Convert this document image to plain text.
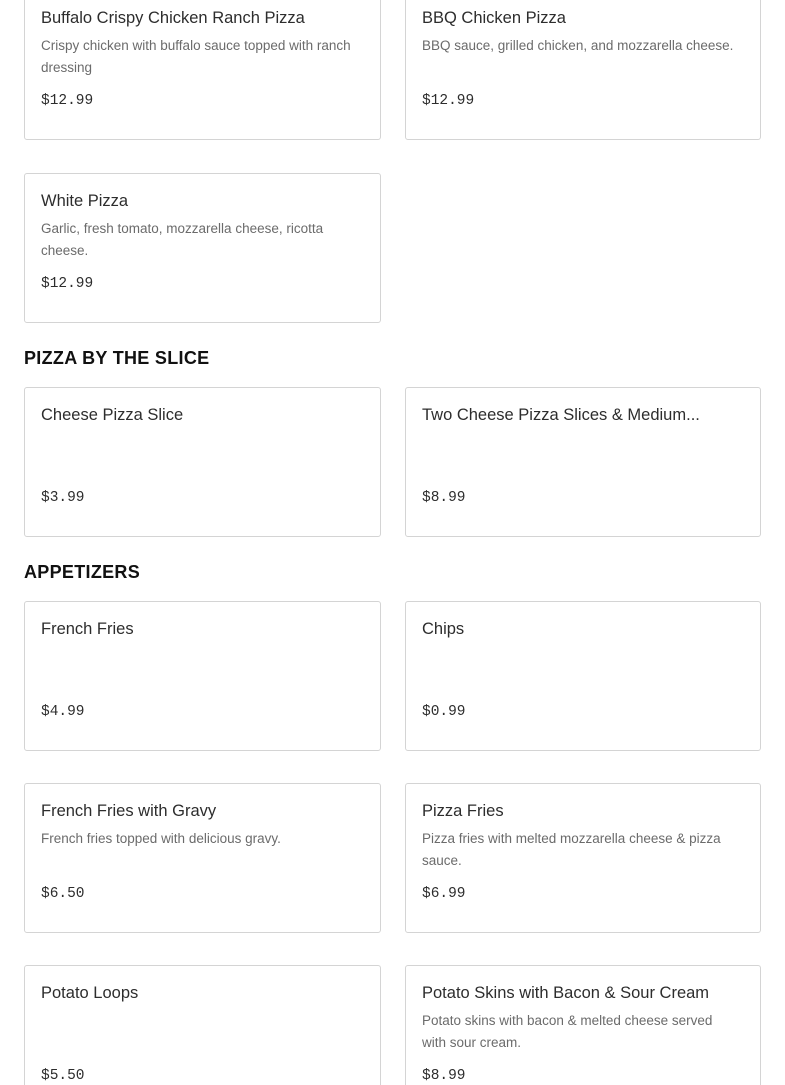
Buffalo Crispy Chicken Ranch Pizza
Crispy chicken with buffalo sauce topped with ranch dressing
$12.99
BBQ Chicken Pizza
BBQ sauce, grilled chicken, and mozzarella cheese.
$12.99
White Pizza
Garlic, fresh tomato, mozzarella cheese, ricotta cheese.
$12.99
PIZZA BY THE SLICE
Cheese Pizza Slice
$3.99
Two Cheese Pizza Slices & Medium...
$8.99
APPETIZERS
French Fries
$4.99
Chips
$0.99
French Fries with Gravy
French fries topped with delicious gravy.
$6.50
Pizza Fries
Pizza fries with melted mozzarella cheese & pizza sauce.
$6.99
Potato Loops
$5.50
Potato Skins with Bacon & Sour Cream
Potato skins with bacon & melted cheese served with sour cream.
$8.99
